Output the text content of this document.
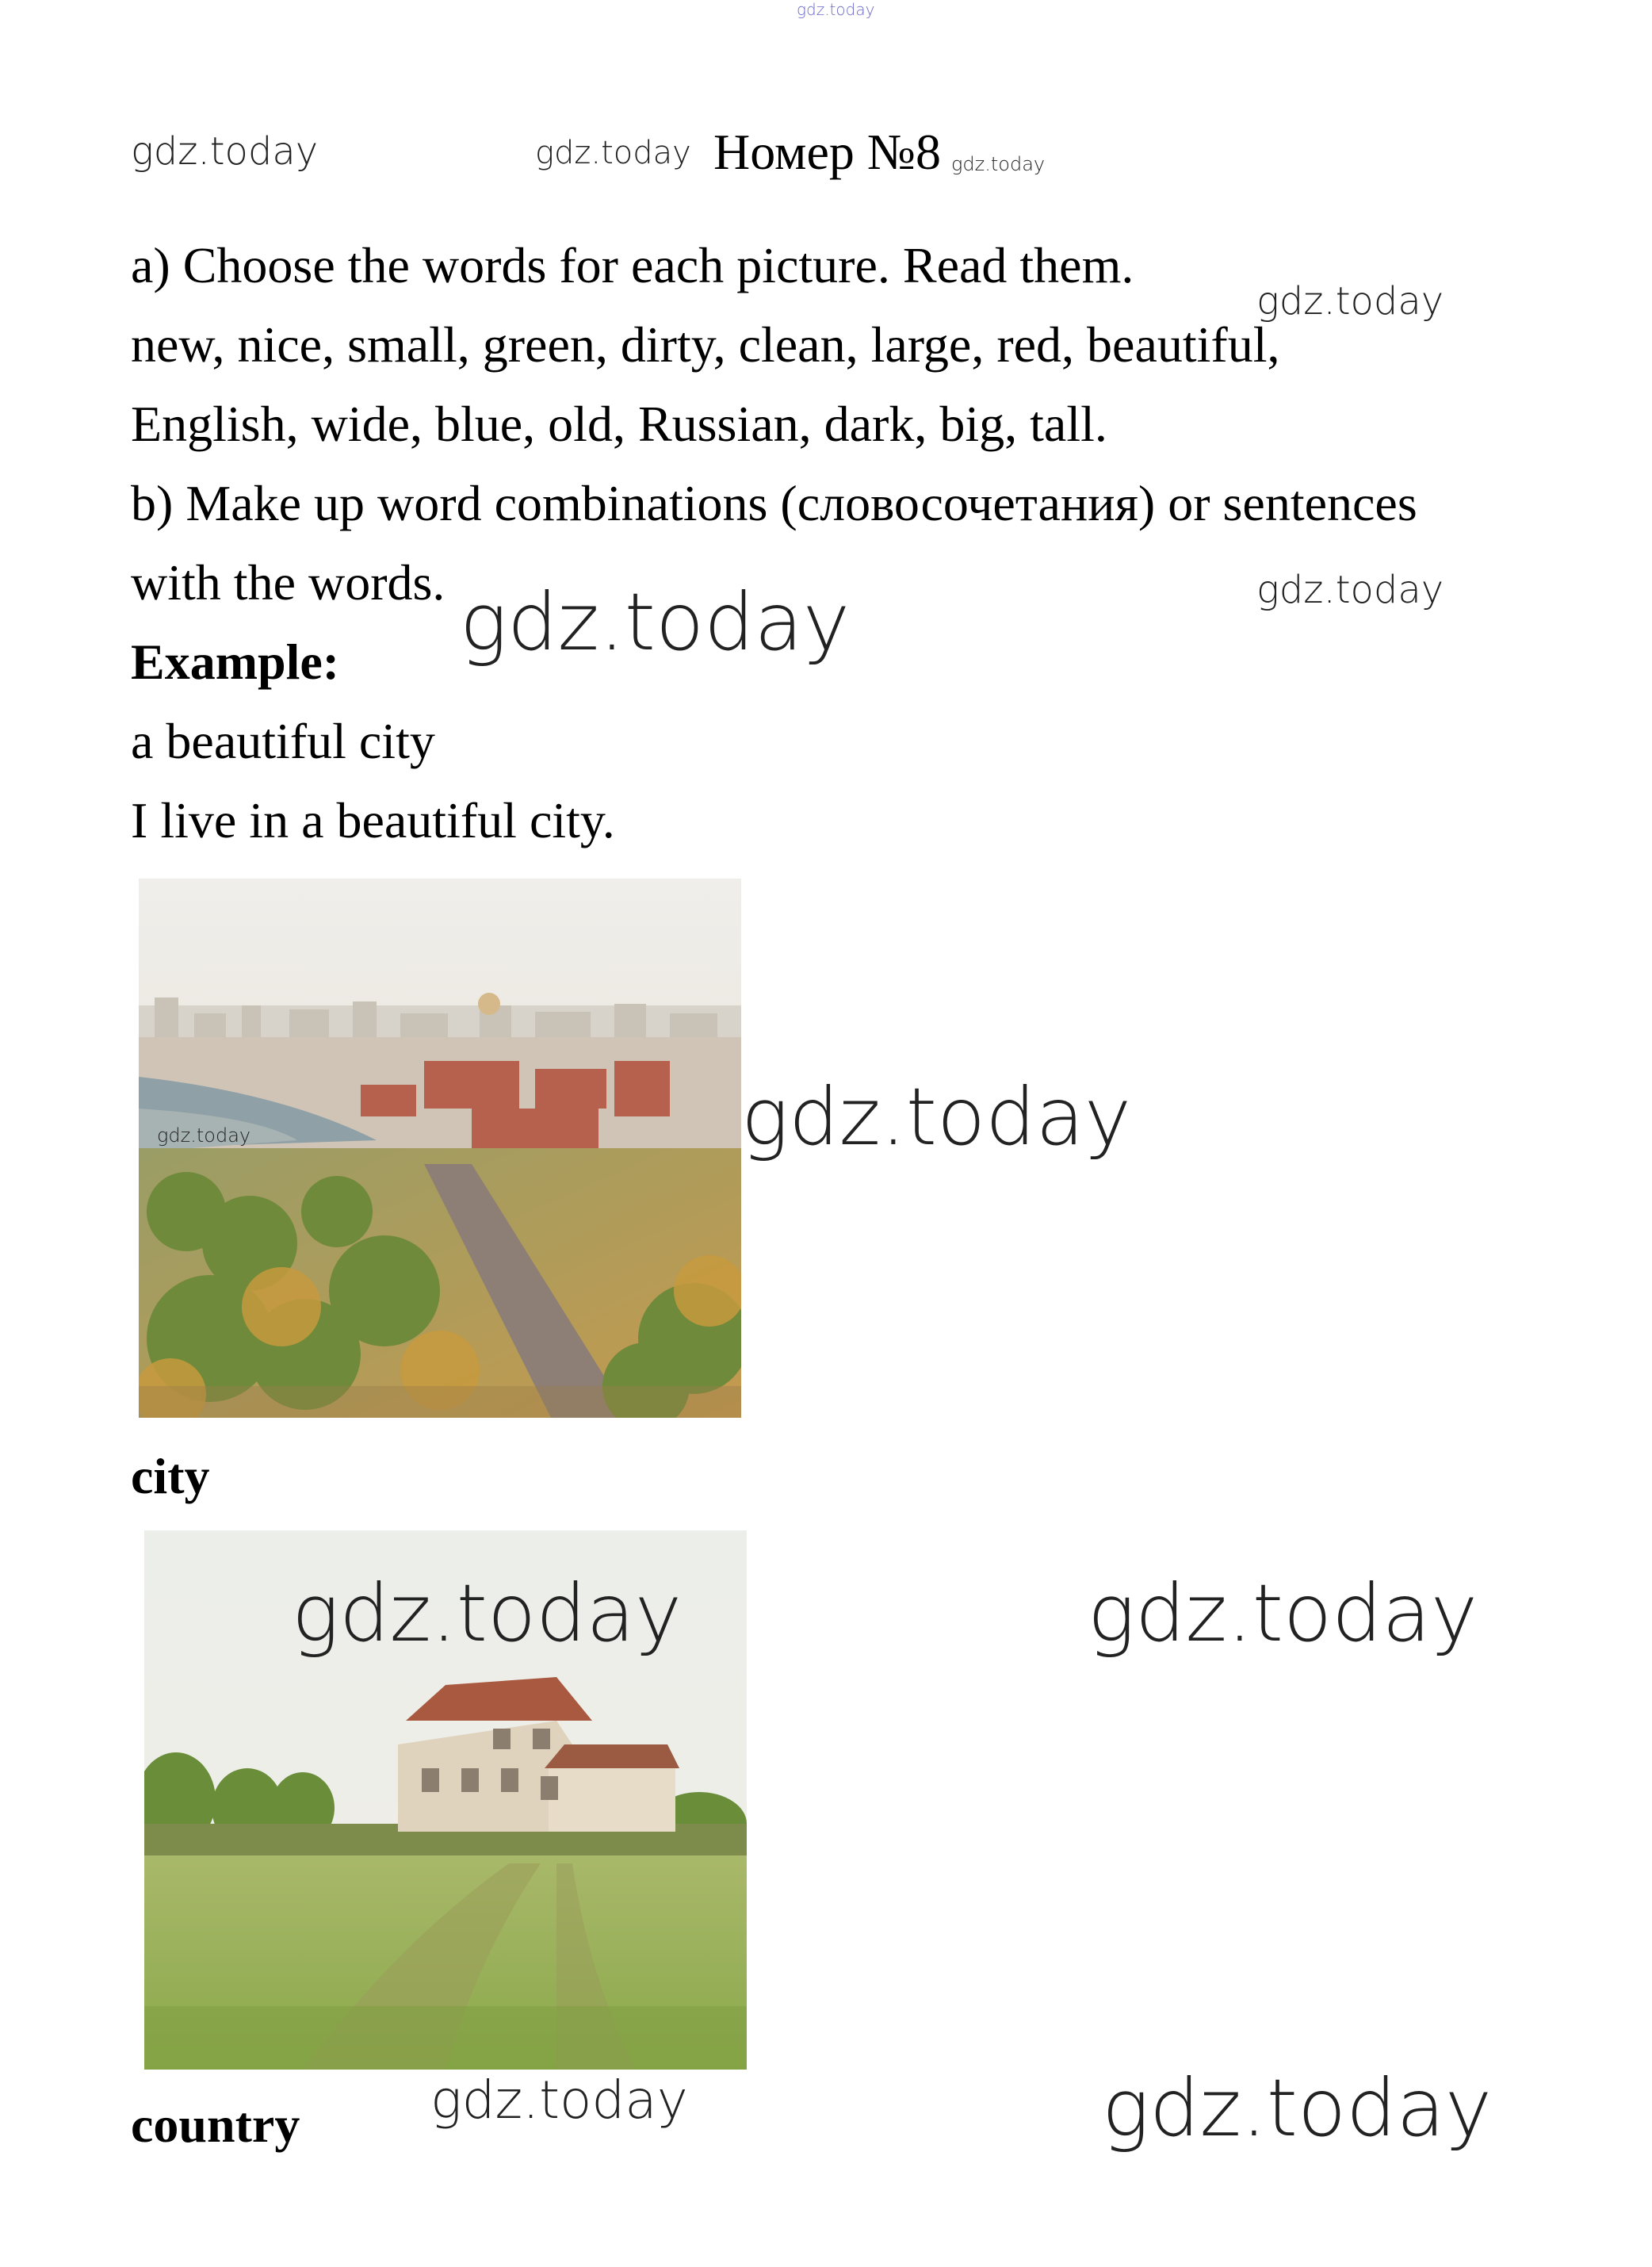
gdz.today
gdz.today	gdz.today Номер №8 gdz.today
a) Choose the words for each picture. Read them.
gdz.today
new, nice, small, green, dirty, clean, large, red, beautiful,
English, wide, blue, old, Russian, dark, big, tall.
b) Make up word combinations (словосочетания) or sentences
with the words. gdz.today	gdz.today
Example:
a beautiful city
I live in a beautiful city.
gdz.today	gdz.today
city
gdz.today	gdz.today
gdz.today
country	gdz.today
